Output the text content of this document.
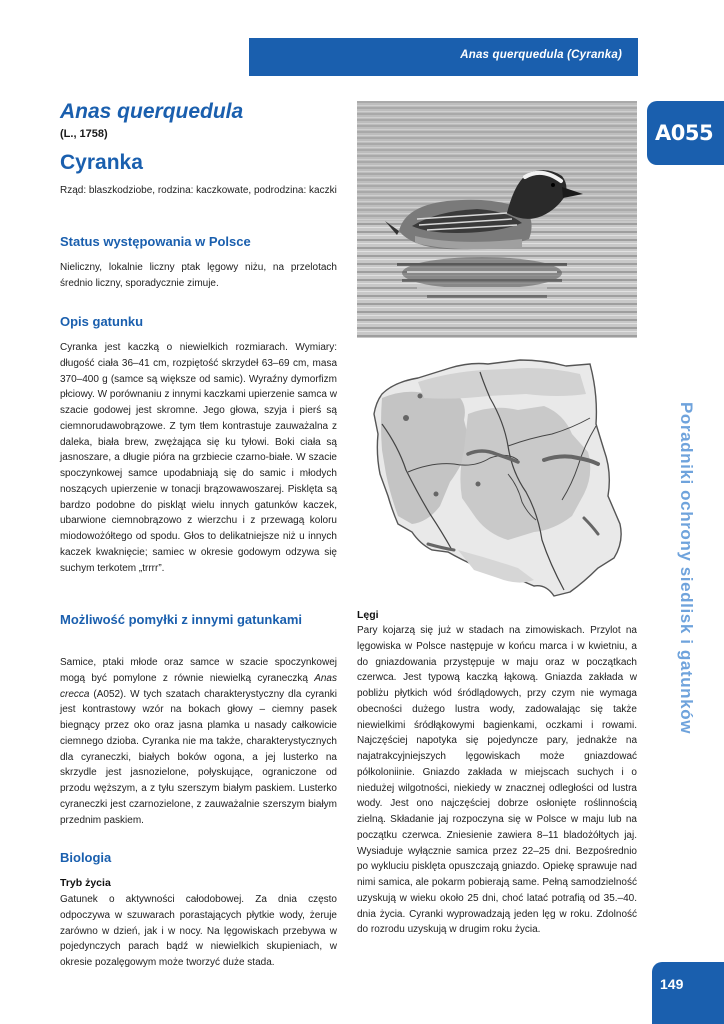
Anas querquedula (Cyranka)
A055
Poradniki ochrony siedlisk i gatunków
149
Anas querquedula
(L., 1758)
Cyranka

Rząd: blaszkodziobe, rodzina: kaczkowate, podrodzina: kaczki

Status występowania w Polsce

Nieliczny, lokalnie liczny ptak lęgowy niżu, na przelotach średnio liczny, sporadycznie zimuje.

Opis gatunku

Cyranka jest kaczką o niewielkich rozmiarach. Wymiary: długość ciała 36–41 cm, rozpiętość skrzydeł 63–69 cm, masa 370–400 g (samce są większe od samic). Wyraźny dymorfizm płciowy. W porównaniu z innymi kaczkami upierzenie samca w szacie godowej jest skromne. Jego głowa, szyja i pierś są ciemnorudawobrązowe. Z tym tłem kontrastuje zauważalna z daleka, biała brew, zwężająca się ku tyłowi. Boki ciała są jasnoszare, a długie pióra na grzbiecie czarno-białe. W szacie spoczynkowej samce upodabniają się do samic i młodych noszących upierzenie w tonacji brązowawoszarej. Pisklęta są bardzo podobne do piskląt wielu innych gatunków kaczek, ubarwione ciemnobrązowo z wierzchu i z przewagą koloru miodowożółtego od spodu. Głos to delikatniejsze niż u innych kaczek kwaknięcie; samiec w okresie godowym odzywa się suchym terkotem „trrrr”.

Możliwość pomyłki z innymi gatunkami

Samice, ptaki młode oraz samce w szacie spoczynkowej mogą być pomylone z równie niewielką cyraneczką Anas crecca (A052). W tych szatach charakterystyczny dla cyranki jest kontrastowy wzór na bokach głowy – ciemny pasek biegnący przez oko oraz jasna plamka u nasady całkowicie ciemnego dzioba. Cyranka nie ma także, charakterystycznych dla cyraneczki, białych boków ogona, a jej lusterko na skrzydle jest jasnozielone, połyskujące, ograniczone od przodu węższym, a z tyłu szerszym białym paskiem. Lusterko cyraneczki jest czarnozielone, z zauważalnie szerszym białym przednim paskiem.

Biologia
Tryb życia

Gatunek o aktywności całodobowej. Za dnia często odpoczywa w szuwarach porastających płytkie wody, żeruje zarówno w dzień, jak i w nocy. Na lęgowiskach przebywa w pojedynczych parach bądź w niewielkich skupieniach, w okresie pozalęgowym może tworzyć duże stada.

Lęgi

Pary kojarzą się już w stadach na zimowiskach. Przylot na lęgowiska w Polsce następuje w końcu marca i w kwietniu, a do gniazdowania przystępuje w maju oraz w początkach czerwca. Jest typową kaczką łąkową. Gniazda zakłada w pobliżu płytkich wód śródlądowych, przy czym nie wymaga obecności dużego lustra wody, zadowalając się także niewielkimi śródłąkowymi bagienkami, oczkami i rowami. Najczęściej napotyka się pojedyncze pary, jednakże na najatrakcyjniejszych lęgowiskach może gniazdować półkoloniinie. Gniazdo zakłada w miejscach suchych i o niedużej wilgotności, niekiedy w znacznej odległości od lustra wody. Jest ono najczęściej dobrze osłonięte roślinnością zielną. Składanie jaj rozpoczyna się w Polsce w maju lub na początku czerwca. Zniesienie zawiera 8–11 bladożółtych jaj. Wysiaduje wyłącznie samica przez 22–25 dni. Bezpośrednio po wykluciu pisklęta opuszczają gniazdo. Opiekę sprawuje nad nimi samica, ale pokarm pobierają same. Pełną samodzielność uzyskują w wieku około 25 dni, choć latać potrafią od 35.–40. dnia życia. Cyranki wyprowadzają jeden lęg w roku. Zdolność do rozrodu uzyskują w drugim roku życia.
